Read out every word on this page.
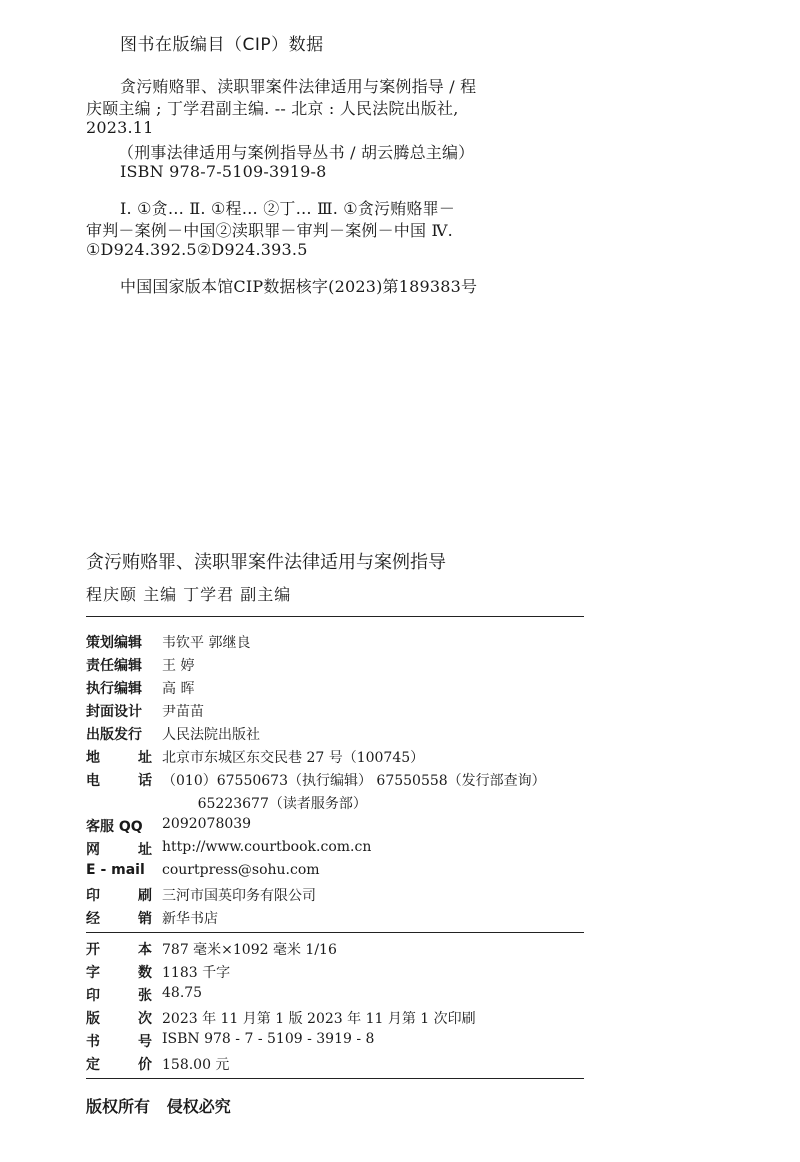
图书在版编目（CIP）数据
贪污贿赂罪、渎职罪案件法律适用与案例指导 / 程
庆颐主编 ; 丁学君副主编. -- 北京 : 人民法院出版社,
2023.11
（刑事法律适用与案例指导丛书 / 胡云腾总主编）
ISBN 978-7-5109-3919-8
Ⅰ. ①贪… Ⅱ. ①程… ②丁… Ⅲ. ①贪污贿赂罪－
审判－案例－中国②渎职罪－审判－案例－中国 Ⅳ.
①D924.392.5②D924.393.5
中国国家版本馆CIP数据核字(2023)第189383号
贪污贿赂罪、渎职罪案件法律适用与案例指导
程庆颐 主编 丁学君 副主编
策划编辑	韦钦平 郭继良
责任编辑	王 婷
执行编辑	高 晖
封面设计	尹苗苗
出版发行	人民法院出版社
地	址 北京市东城区东交民巷 27 号（100745）
电	话 （010）67550673（执行编辑） 67550558（发行部查询）
65223677（读者服务部）
客服 QQ	2092078039
网	址 http://www.courtbook.com.cn
E - mail	courtpress@sohu.com
印	刷 三河市国英印务有限公司
经	销 新华书店
开	本 787 毫米×1092 毫米 1/16
字	数 1183 千字
印	张 48.75
版	次 2023 年 11 月第 1 版 2023 年 11 月第 1 次印刷
书	号 ISBN 978 - 7 - 5109 - 3919 - 8
定	价 158.00 元
版权所有   侵权必究
